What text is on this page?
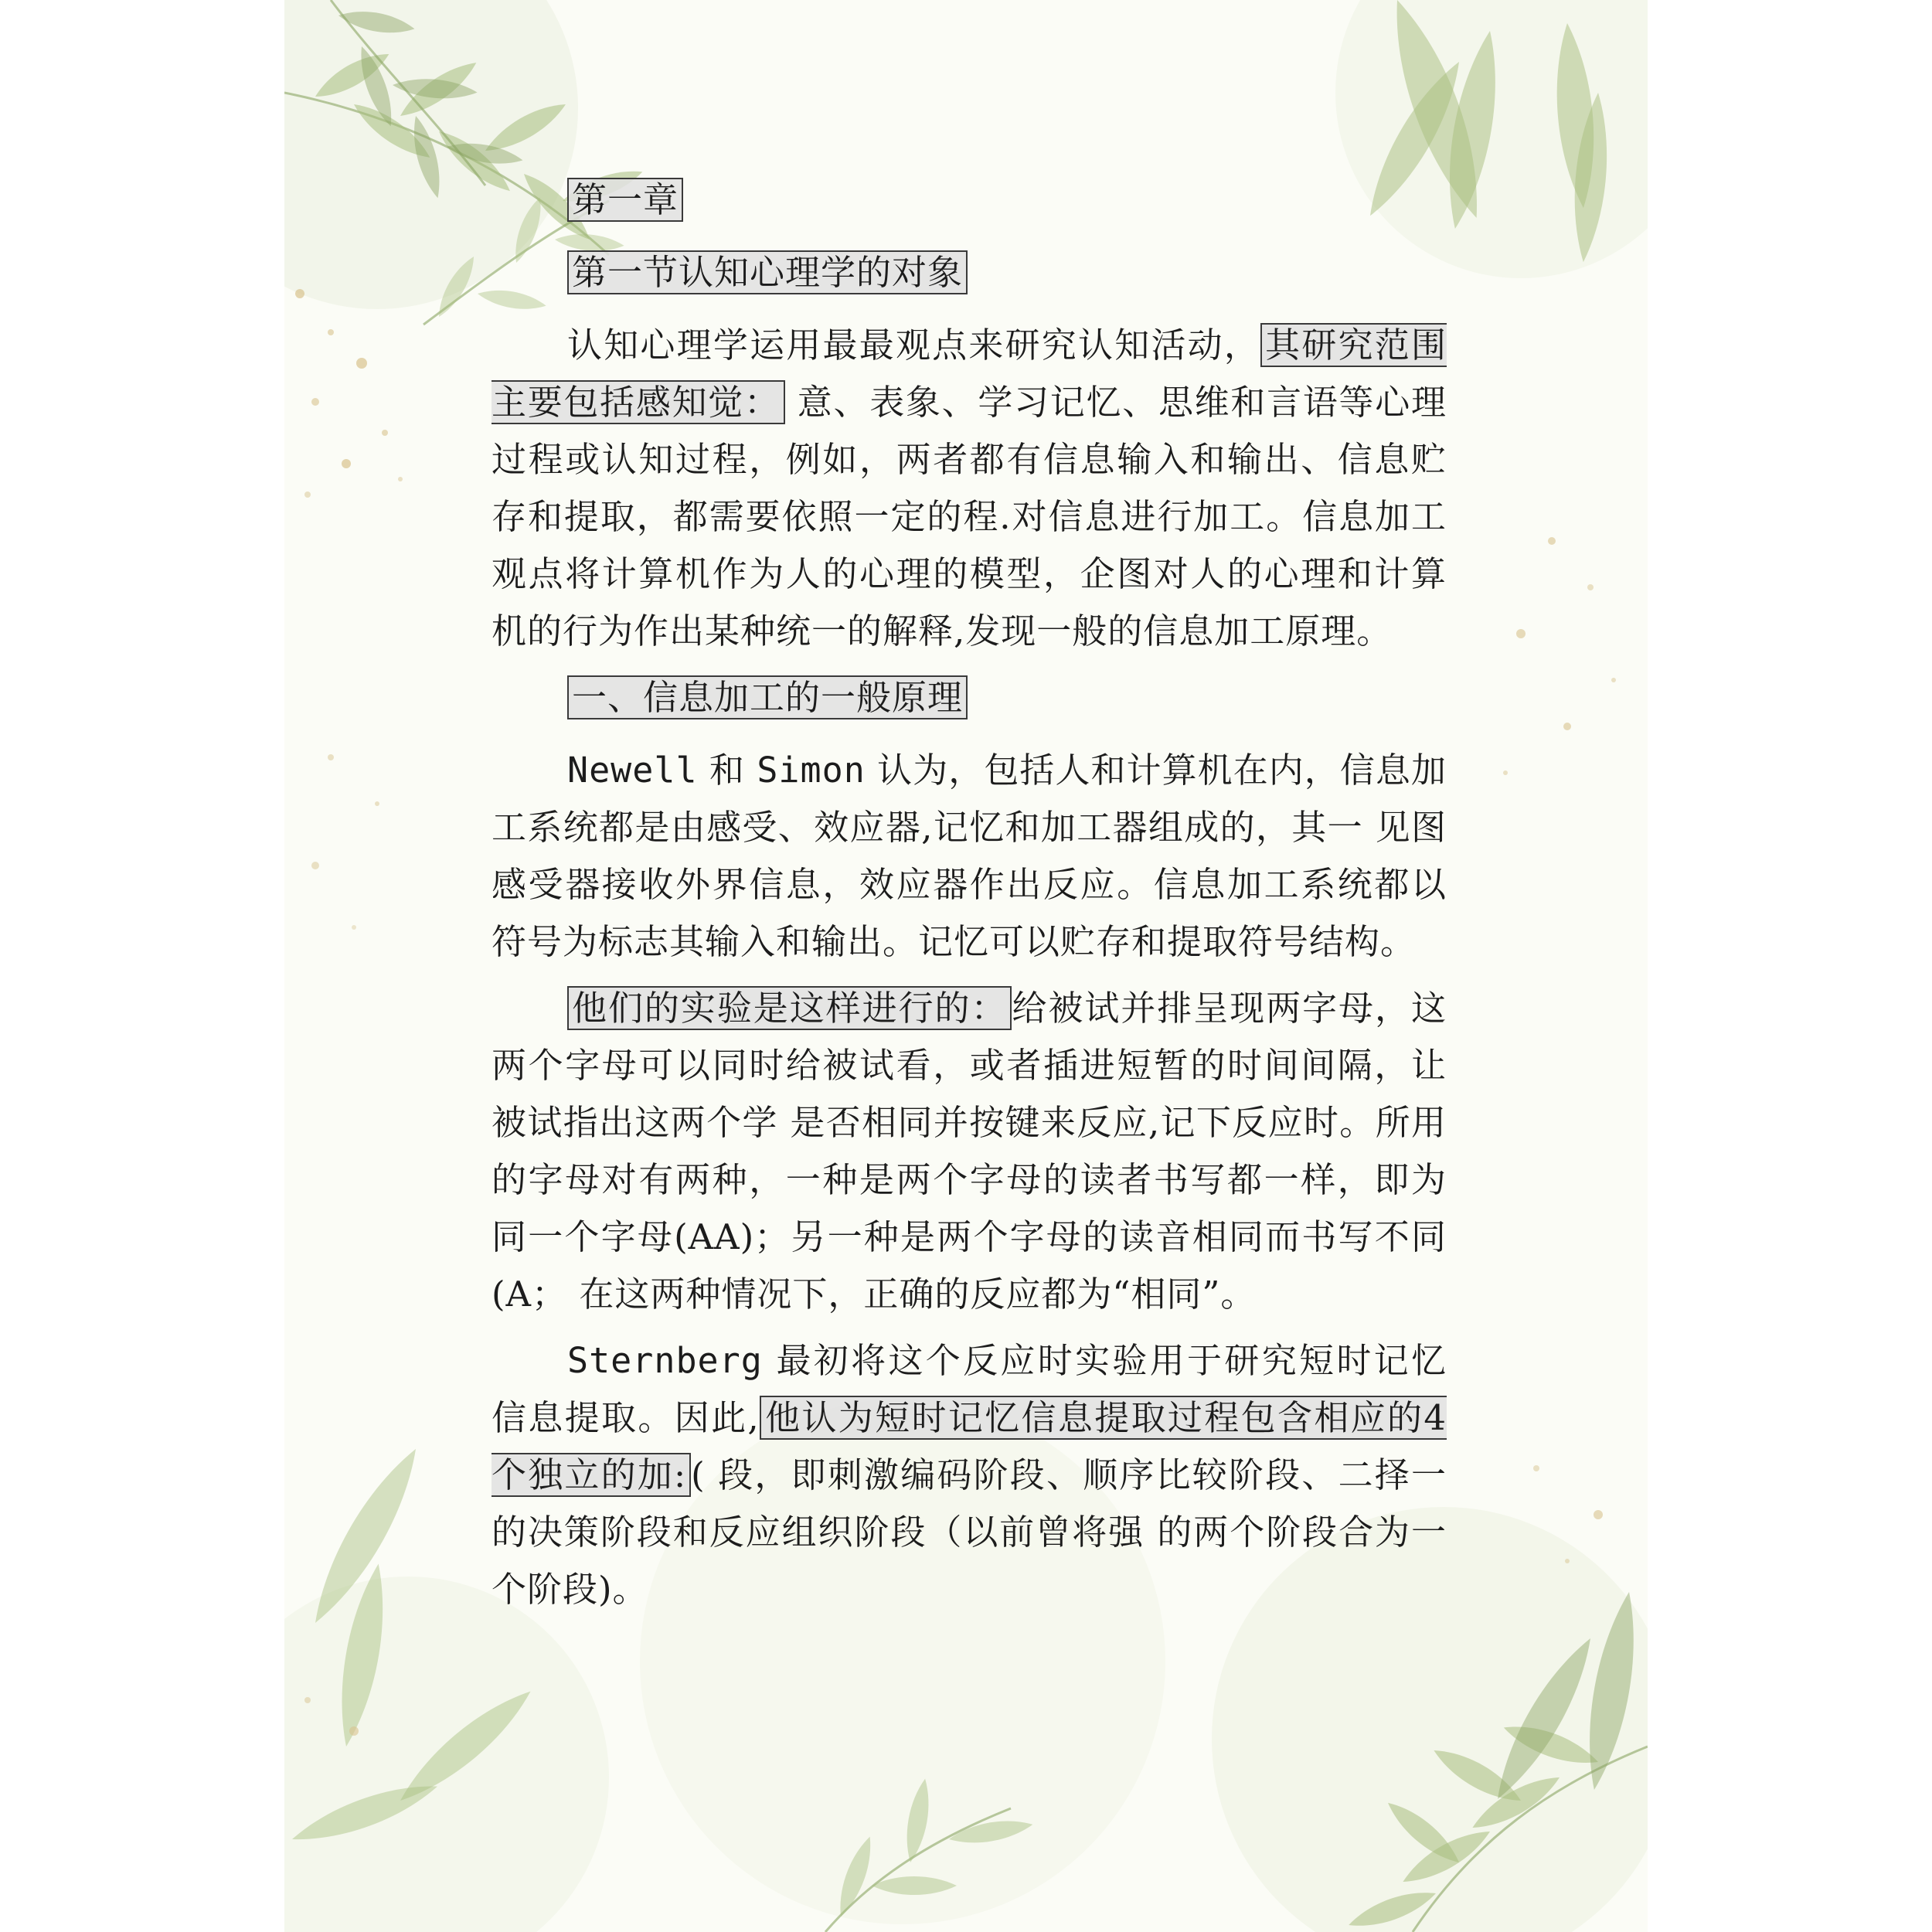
第一章

第一节认知心理学的对象

认知心理学运用最最观点来研究认知活动， 其研究范围主要包括感知觉： 意、表象、学习记忆、思维和言语等心理过程或认知过程，例如，两者都有信息输入和输出、信息贮存和提取，都需要依照一定的程.对信息进行加工。信息加工观点将计算机作为人的心理的模型，企图对人的心理和计算机的行为作出某种统一的解释,发现一般的信息加工原理。

一、信息加工的一般原理

Newell 和 Simon 认为，包括人和计算机在内，信息加工系统都是由感受、效应器,记忆和加工器组成的，其一 见图感受器接收外界信息，效应器作出反应。信息加工系统都以符号为标志其输入和输出。记忆可以贮存和提取符号结构。

他们的实验是这样进行的： 给被试并排呈现两字母，这两个字母可以同时给被试看，或者插进短暂的时间间隔，让被试指出这两个学 是否相同并按键来反应,记下反应时。所用的字母对有两种，一种是两个字母的读者书写都一样，即为同一个字母(AA)；另一种是两个字母的读音相同而书写不同(A； 在这两种情况下，正确的反应都为“相同”。

Sternberg 最初将这个反应时实验用于研究短时记忆信息提取。因此, 他认为短时记忆信息提取过程包含相应的4 个独立的加: ( 段，即刺激编码阶段、顺序比较阶段、二择一的决策阶段和反应组织阶段（以前曾将强 的两个阶段合为一个阶段)。
